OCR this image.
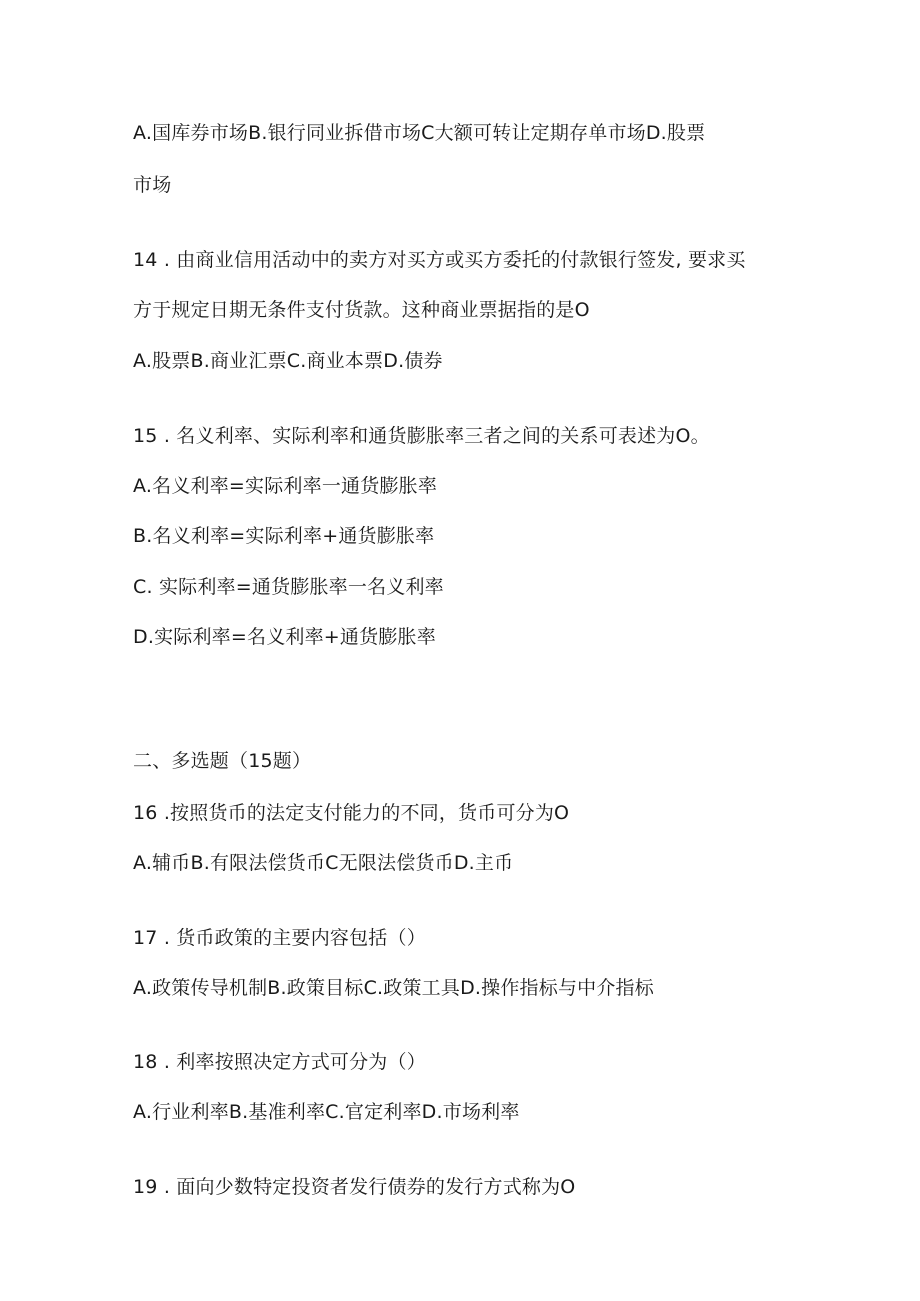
A.国库券市场B.银行同业拆借市场C大额可转让定期存单市场D.股票
市场
14 . 由商业信用活动中的卖方对买方或买方委托的付款银行签发, 要求买
方于规定日期无条件支付货款。这种商业票据指的是O
A.股票B.商业汇票C.商业本票D.债券
15 . 名义利率、实际利率和通货膨胀率三者之间的关系可表述为O。
A.名义利率=实际利率一通货膨胀率
B.名义利率=实际利率+通货膨胀率
C. 实际利率=通货膨胀率一名义利率
D.实际利率=名义利率+通货膨胀率
二、多选题（15题）
16 .按照货币的法定支付能力的不同，货币可分为O
A.辅币B.有限法偿货币C无限法偿货币D.主币
17 . 货币政策的主要内容包括（）
A.政策传导机制B.政策目标C.政策工具D.操作指标与中介指标
18 . 利率按照决定方式可分为（）
A.行业利率B.基准利率C.官定利率D.市场利率
19 . 面向少数特定投资者发行债券的发行方式称为O
